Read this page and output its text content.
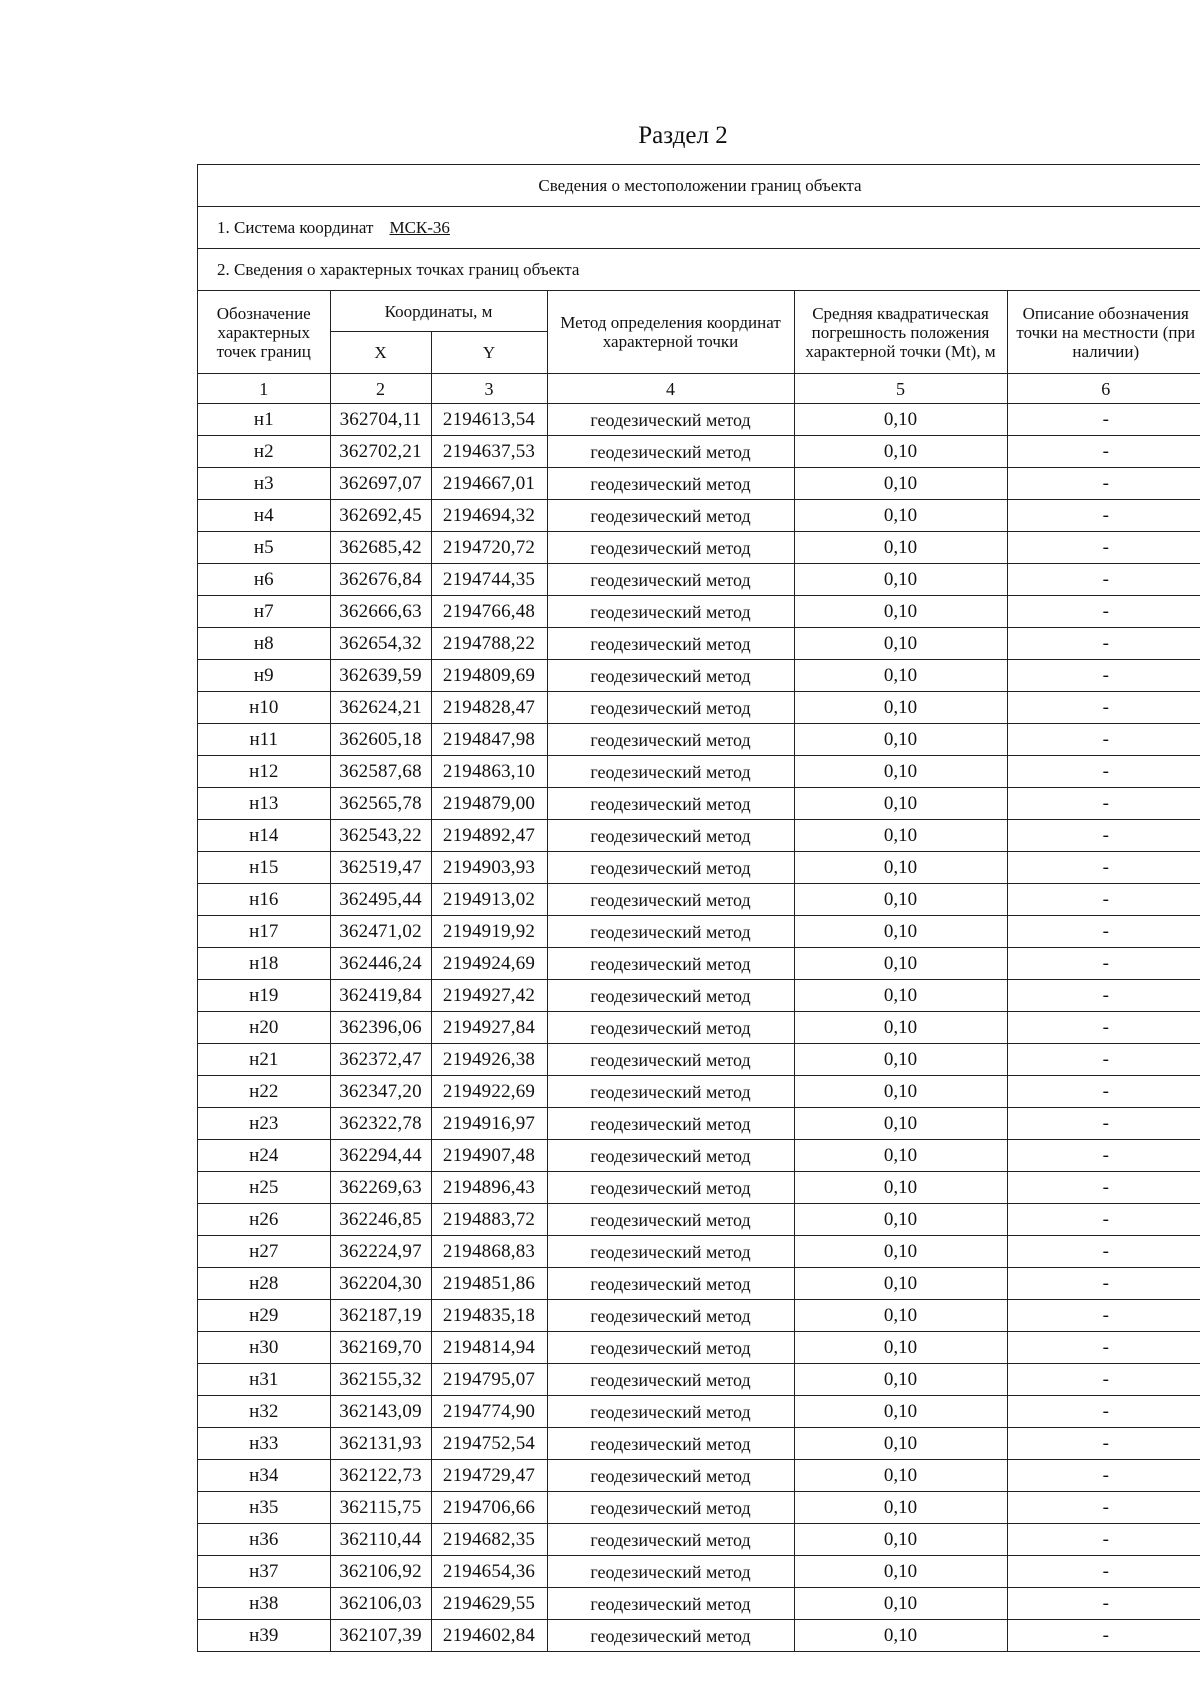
Раздел 2
Сведения о местоположении границ объекта
1. Система координат МСК-36
2. Сведения о характерных точках границ объекта
Обозначение характерных точек границ	Координаты, м		Метод определения координат характерной точки	Средняя квадратическая погрешность положения характерной точки (Mt), м	Описание обозначения точки на местности (при наличии)
	X	Y			
1	2	3	4	5	6
н1	362704,11	2194613,54	геодезический метод	0,10	-
н2	362702,21	2194637,53	геодезический метод	0,10	-
н3	362697,07	2194667,01	геодезический метод	0,10	-
н4	362692,45	2194694,32	геодезический метод	0,10	-
н5	362685,42	2194720,72	геодезический метод	0,10	-
н6	362676,84	2194744,35	геодезический метод	0,10	-
н7	362666,63	2194766,48	геодезический метод	0,10	-
н8	362654,32	2194788,22	геодезический метод	0,10	-
н9	362639,59	2194809,69	геодезический метод	0,10	-
н10	362624,21	2194828,47	геодезический метод	0,10	-
н11	362605,18	2194847,98	геодезический метод	0,10	-
н12	362587,68	2194863,10	геодезический метод	0,10	-
н13	362565,78	2194879,00	геодезический метод	0,10	-
н14	362543,22	2194892,47	геодезический метод	0,10	-
н15	362519,47	2194903,93	геодезический метод	0,10	-
н16	362495,44	2194913,02	геодезический метод	0,10	-
н17	362471,02	2194919,92	геодезический метод	0,10	-
н18	362446,24	2194924,69	геодезический метод	0,10	-
н19	362419,84	2194927,42	геодезический метод	0,10	-
н20	362396,06	2194927,84	геодезический метод	0,10	-
н21	362372,47	2194926,38	геодезический метод	0,10	-
н22	362347,20	2194922,69	геодезический метод	0,10	-
н23	362322,78	2194916,97	геодезический метод	0,10	-
н24	362294,44	2194907,48	геодезический метод	0,10	-
н25	362269,63	2194896,43	геодезический метод	0,10	-
н26	362246,85	2194883,72	геодезический метод	0,10	-
н27	362224,97	2194868,83	геодезический метод	0,10	-
н28	362204,30	2194851,86	геодезический метод	0,10	-
н29	362187,19	2194835,18	геодезический метод	0,10	-
н30	362169,70	2194814,94	геодезический метод	0,10	-
н31	362155,32	2194795,07	геодезический метод	0,10	-
н32	362143,09	2194774,90	геодезический метод	0,10	-
н33	362131,93	2194752,54	геодезический метод	0,10	-
н34	362122,73	2194729,47	геодезический метод	0,10	-
н35	362115,75	2194706,66	геодезический метод	0,10	-
н36	362110,44	2194682,35	геодезический метод	0,10	-
н37	362106,92	2194654,36	геодезический метод	0,10	-
н38	362106,03	2194629,55	геодезический метод	0,10	-
н39	362107,39	2194602,84	геодезический метод	0,10	-
